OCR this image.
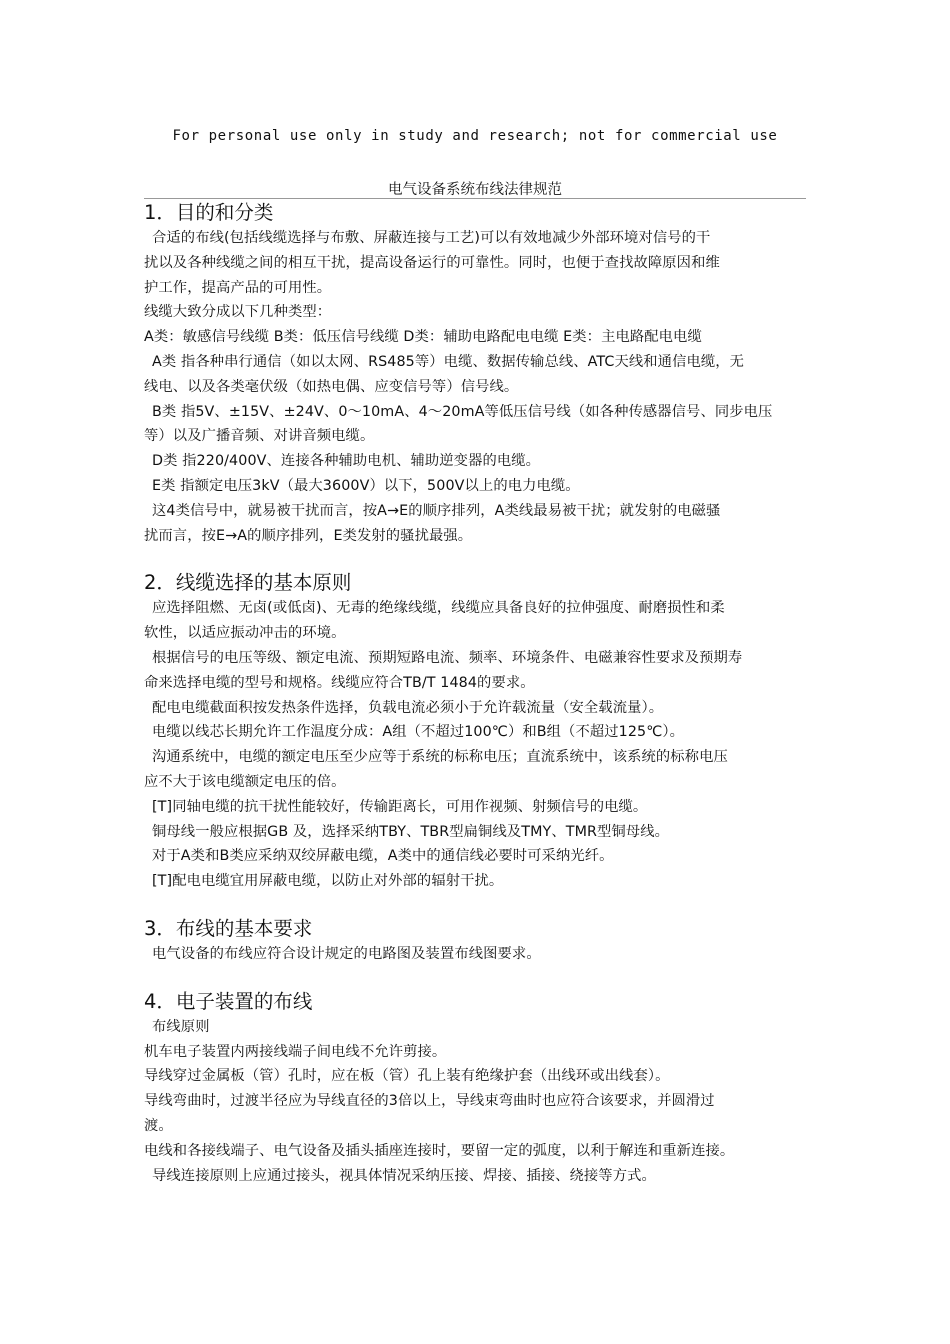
For personal use only in study and research; not for commercial use
电气设备系统布线法律规范
1．目的和分类

合适的布线(包括线缆选择与布敷、屏蔽连接与工艺)可以有效地减少外部环境对信号的干

扰以及各种线缆之间的相互干扰，提高设备运行的可靠性。同时，也便于查找故障原因和维

护工作，提高产品的可用性。

线缆大致分成以下几种类型：

A类：敏感信号线缆 B类：低压信号线缆 D类：辅助电路配电电缆 E类：主电路配电电缆

A类 指各种串行通信（如以太网、RS485等）电缆、数据传输总线、ATC天线和通信电缆，无

线电、以及各类毫伏级（如热电偶、应变信号等）信号线。

B类 指5V、±15V、±24V、0～10mA、4～20mA等低压信号线（如各种传感器信号、同步电压

等）以及广播音频、对讲音频电缆。

D类 指220/400V、连接各种辅助电机、辅助逆变器的电缆。

E类 指额定电压3kV（最大3600V）以下，500V以上的电力电缆。

这4类信号中，就易被干扰而言，按A→E的顺序排列，A类线最易被干扰；就发射的电磁骚

扰而言，按E→A的顺序排列，E类发射的骚扰最强。

2．线缆选择的基本原则

应选择阻燃、无卤(或低卤)、无毒的绝缘线缆，线缆应具备良好的拉伸强度、耐磨损性和柔

软性，以适应振动冲击的环境。

根据信号的电压等级、额定电流、预期短路电流、频率、环境条件、电磁兼容性要求及预期寿

命来选择电缆的型号和规格。线缆应符合TB/T 1484的要求。

配电电缆截面积按发热条件选择，负载电流必须小于允许载流量（安全载流量）。

电缆以线芯长期允许工作温度分成：A组（不超过100℃）和B组（不超过125℃）。

沟通系统中，电缆的额定电压至少应等于系统的标称电压；直流系统中，该系统的标称电压

应不大于该电缆额定电压的倍。

[T]同轴电缆的抗干扰性能较好，传输距离长，可用作视频、射频信号的电缆。

铜母线一般应根据GB 及，选择采纳TBY、TBR型扁铜线及TMY、TMR型铜母线。

对于A类和B类应采纳双绞屏蔽电缆，A类中的通信线必要时可采纳光纤。

[T]配电电缆宜用屏蔽电缆，以防止对外部的辐射干扰。

3．布线的基本要求

电气设备的布线应符合设计规定的电路图及装置布线图要求。

4．电子装置的布线

布线原则

机车电子装置内两接线端子间电线不允许剪接。

导线穿过金属板（管）孔时，应在板（管）孔上装有绝缘护套（出线环或出线套）。

导线弯曲时，过渡半径应为导线直径的3倍以上，导线束弯曲时也应符合该要求，并圆滑过

渡。

电线和各接线端子、电气设备及插头插座连接时，要留一定的弧度，以利于解连和重新连接。

导线连接原则上应通过接头，视具体情况采纳压接、焊接、插接、绕接等方式。
